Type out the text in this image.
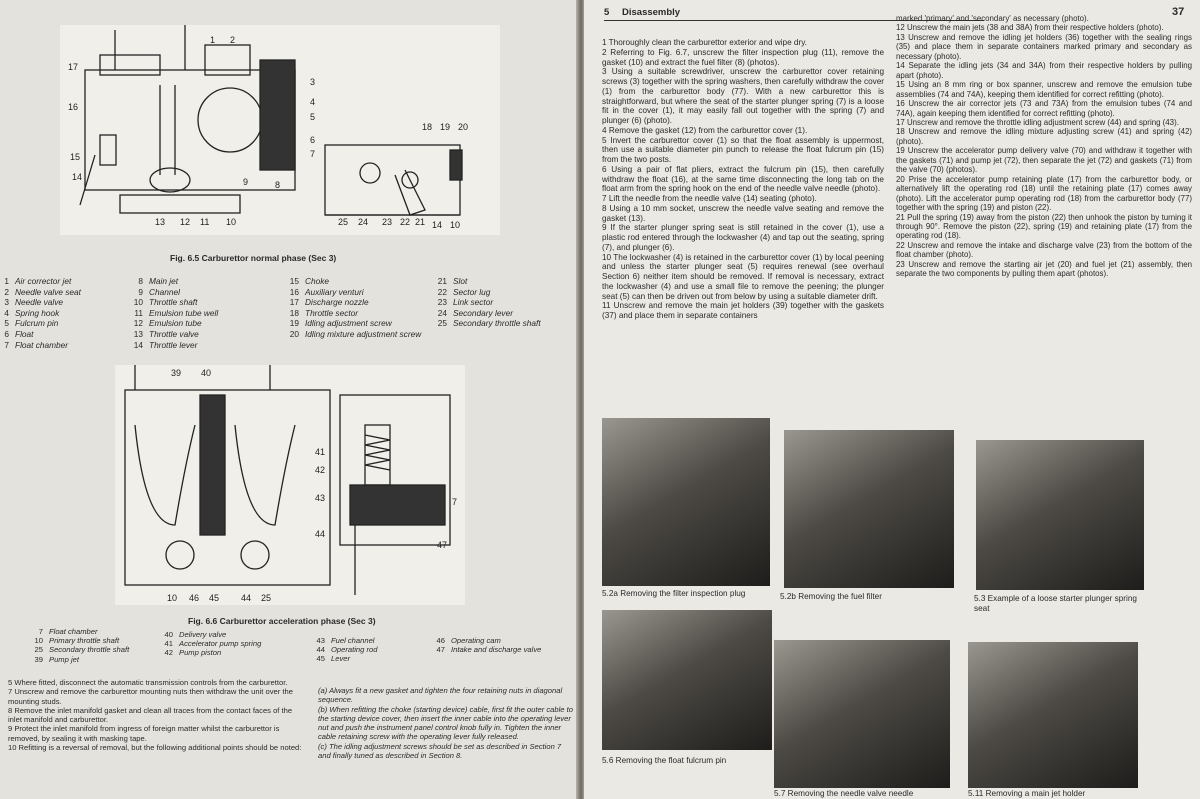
17
16
15
14
1 2
3
4
5
6
7
8
9
10
11
12
13
18 19 20
14 10
21
22
23
24
25
Fig. 6.5 Carburettor normal phase (Sec 3)
1 Air corrector jet
2 Needle valve seat
3 Needle valve
4 Spring hook
5 Fulcrum pin
6 Float
7 Float chamber
8 Main jet
9 Channel
10 Throttle shaft
11 Emulsion tube well
12 Emulsion tube
13 Throttle valve
14 Throttle lever
15 Choke
16 Auxiliary venturi
17 Discharge nozzle
18 Throttle sector
19 Idling adjustment screw
20 Idling mixture adjustment screw
21 Slot
22 Sector lug
23 Link sector
24 Secondary lever
25 Secondary throttle shaft
39 40
41
42
43
44
7
47
10 46 45 44 25
Fig. 6.6 Carburettor acceleration phase (Sec 3)
7 Float chamber
10 Primary throttle shaft
25 Secondary throttle shaft
39 Pump jet
40 Delivery valve
41 Accelerator pump spring
42 Pump piston
43 Fuel channel
44 Operating rod
45 Lever
46 Operating cam
47 Intake and discharge valve

5 Where fitted, disconnect the automatic transmission controls from the carburettor.

7 Unscrew and remove the carburettor mounting nuts then withdraw the unit over the mounting studs.

8 Remove the inlet manifold gasket and clean all traces from the contact faces of the inlet manifold and carburettor.

9 Protect the inlet manifold from ingress of foreign matter whilst the carburettor is removed, by sealing it with masking tape.

10 Refitting is a reversal of removal, but the following additional points should be noted:

(a) Always fit a new gasket and tighten the four retaining nuts in diagonal sequence.

(b) When refitting the choke (starting device) cable, first fit the outer cable to the starting device cover, then insert the inner cable into the operating lever nut and push the instrument panel control knob fully in. Tighten the inner cable retaining screw with the operating lever fully released.

(c) The idling adjustment screws should be set as described in Section 7 and finally tuned as described in Section 8.

5 Disassembly	37

1 Thoroughly clean the carburettor exterior and wipe dry.

2 Referring to Fig. 6.7, unscrew the filter inspection plug (11), remove the gasket (10) and extract the fuel filter (8) (photos).

3 Using a suitable screwdriver, unscrew the carburettor cover retaining screws (3) together with the spring washers, then carefully withdraw the cover (1) from the carburettor body (77). With a new carburettor this is straightforward, but where the seat of the starter plunger spring (7) is a loose fit in the cover (1), it may easily fall out together with the spring (7) and plunger (6) (photo).

4 Remove the gasket (12) from the carburettor cover (1).

5 Invert the carburettor cover (1) so that the float assembly is uppermost, then use a suitable diameter pin punch to release the float fulcrum pin (15) from the two posts.

6 Using a pair of flat pliers, extract the fulcrum pin (15), then carefully withdraw the float (16), at the same time disconnecting the long tab on the float arm from the spring hook on the end of the needle valve needle (photo).

7 Lift the needle from the needle valve (14) seating (photo).

8 Using a 10 mm socket, unscrew the needle valve seating and remove the gasket (13).

9 If the starter plunger spring seat is still retained in the cover (1), use a plastic rod entered through the lockwasher (4) and tap out the seating, spring (7), and plunger (6).

10 The lockwasher (4) is retained in the carburettor cover (1) by local peening and unless the starter plunger seat (5) requires renewal (see overhaul Section 6) neither item should be removed. If removal is necessary, extract the lockwasher (4) and use a small file to remove the peening; the plunger seat (5) can then be driven out from below by using a suitable diameter drift.

11 Unscrew and remove the main jet holders (39) together with the gaskets (37) and place them in separate containers

marked 'primary' and 'secondary' as necessary (photo).

12 Unscrew the main jets (38 and 38A) from their respective holders (photo).

13 Unscrew and remove the idling jet holders (36) together with the sealing rings (35) and place them in separate containers marked primary and secondary as necessary (photo).

14 Separate the idling jets (34 and 34A) from their respective holders by pulling apart (photo).

15 Using an 8 mm ring or box spanner, unscrew and remove the emulsion tube assemblies (74 and 74A), keeping them identified for correct refitting (photo).

16 Unscrew the air corrector jets (73 and 73A) from the emulsion tubes (74 and 74A), again keeping them identified for correct refitting (photo).

17 Unscrew and remove the throttle idling adjustment screw (44) and spring (43).

18 Unscrew and remove the idling mixture adjusting screw (41) and spring (42) (photo).

19 Unscrew the accelerator pump delivery valve (70) and withdraw it together with the gaskets (71) and pump jet (72), then separate the jet (72) and gaskets (71) from the valve (70) (photos).

20 Prise the accelerator pump retaining plate (17) from the carburettor body, or alternatively lift the operating rod (18) until the retaining plate (17) comes away (photo). Lift the accelerator pump operating rod (18) from the carburettor body (77) together with the spring (19) and piston (22).

21 Pull the spring (19) away from the piston (22) then unhook the piston by turning it through 90°. Remove the piston (22), spring (19) and retaining plate (17) from the operating rod (18).

22 Unscrew and remove the intake and discharge valve (23) from the bottom of the float chamber (photo).

23 Unscrew and remove the starting air jet (20) and fuel jet (21) assembly, then separate the two components by pulling them apart (photos).

5.2a Removing the filter inspection plug	5.2b Removing the fuel filter	5.3 Example of a loose starter plunger spring seat
5.6 Removing the float fulcrum pin
5.7 Removing the needle valve needle	5.11 Removing a main jet holder
